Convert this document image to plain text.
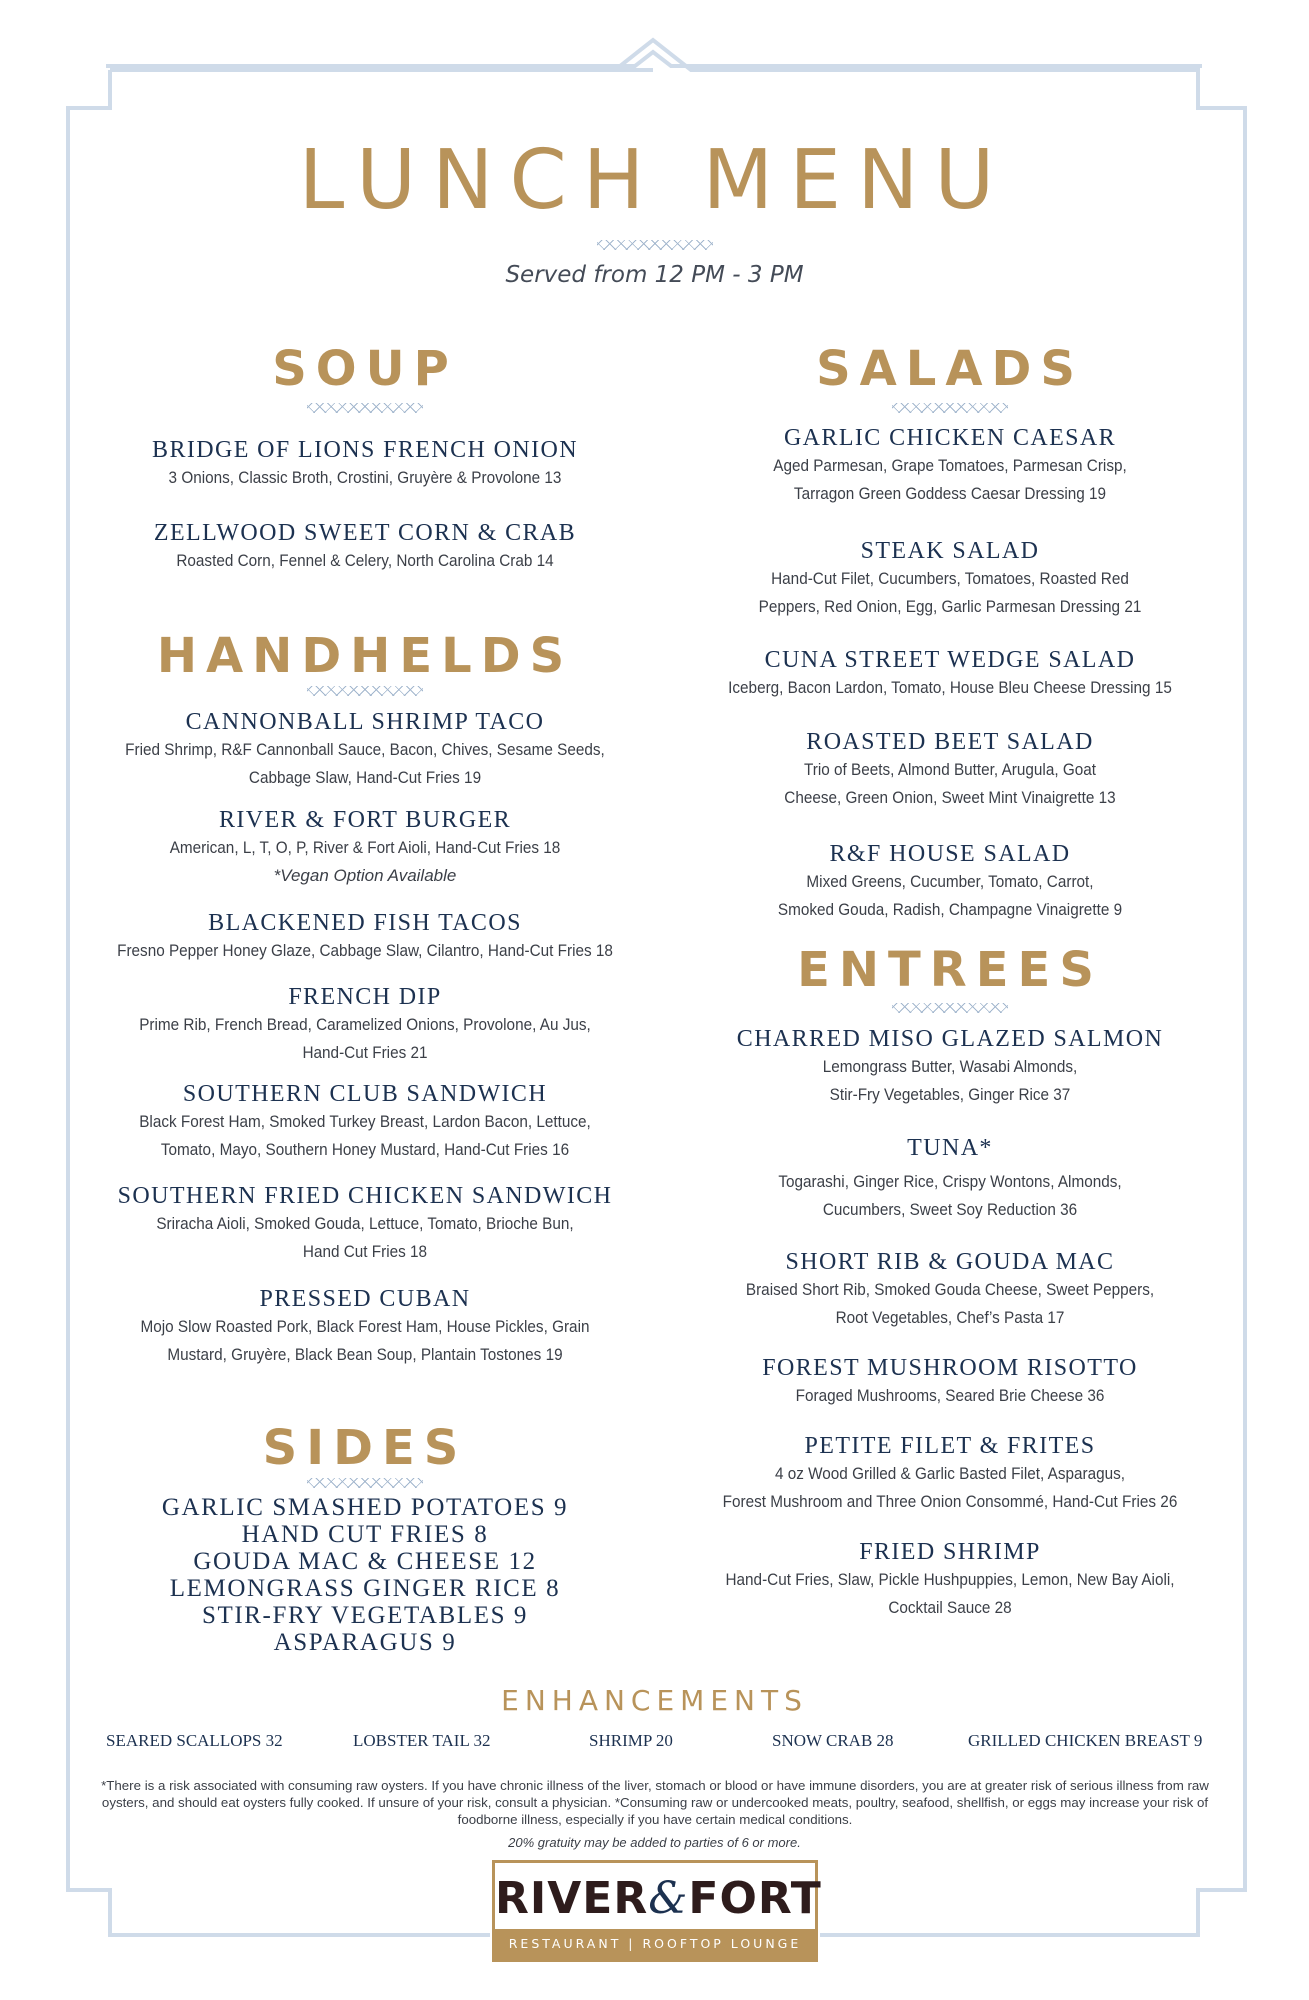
LUNCH MENU
Served from 12 PM - 3 PM
SOUP
BRIDGE OF LIONS FRENCH ONION
3 Onions, Classic Broth, Crostini, Gruyère & Provolone 13
ZELLWOOD SWEET CORN & CRAB
Roasted Corn, Fennel & Celery, North Carolina Crab 14
HANDHELDS
CANNONBALL SHRIMP TACO
Fried Shrimp, R&F Cannonball Sauce, Bacon, Chives, Sesame Seeds,
Cabbage Slaw, Hand-Cut Fries 19
RIVER & FORT BURGER
American, L, T, O, P, River & Fort Aioli, Hand-Cut Fries 18
*Vegan Option Available
BLACKENED FISH TACOS
Fresno Pepper Honey Glaze, Cabbage Slaw, Cilantro, Hand-Cut Fries 18
FRENCH DIP
Prime Rib, French Bread, Caramelized Onions, Provolone, Au Jus,
Hand-Cut Fries 21
SOUTHERN CLUB SANDWICH
Black Forest Ham, Smoked Turkey Breast, Lardon Bacon, Lettuce,
Tomato, Mayo, Southern Honey Mustard, Hand-Cut Fries 16
SOUTHERN FRIED CHICKEN SANDWICH
Sriracha Aioli, Smoked Gouda, Lettuce, Tomato, Brioche Bun,
Hand Cut Fries 18
PRESSED CUBAN
Mojo Slow Roasted Pork, Black Forest Ham, House Pickles, Grain
Mustard, Gruyère, Black Bean Soup, Plantain Tostones 19
SIDES
GARLIC SMASHED POTATOES 9
HAND CUT FRIES 8
GOUDA MAC & CHEESE 12
LEMONGRASS GINGER RICE 8
STIR-FRY VEGETABLES 9
ASPARAGUS 9
SALADS
GARLIC CHICKEN CAESAR
Aged Parmesan, Grape Tomatoes, Parmesan Crisp,
Tarragon Green Goddess Caesar Dressing 19
STEAK SALAD
Hand-Cut Filet, Cucumbers, Tomatoes, Roasted Red
Peppers, Red Onion, Egg, Garlic Parmesan Dressing 21
CUNA STREET WEDGE SALAD
Iceberg, Bacon Lardon, Tomato, House Bleu Cheese Dressing 15
ROASTED BEET SALAD
Trio of Beets, Almond Butter, Arugula, Goat
Cheese, Green Onion, Sweet Mint Vinaigrette 13
R&F HOUSE SALAD
Mixed Greens, Cucumber, Tomato, Carrot,
Smoked Gouda, Radish, Champagne Vinaigrette 9
ENTREES
CHARRED MISO GLAZED SALMON
Lemongrass Butter, Wasabi Almonds,
Stir-Fry Vegetables, Ginger Rice 37
TUNA*
Togarashi, Ginger Rice, Crispy Wontons, Almonds,
Cucumbers, Sweet Soy Reduction 36
SHORT RIB & GOUDA MAC
Braised Short Rib, Smoked Gouda Cheese, Sweet Peppers,
Root Vegetables, Chef’s Pasta 17
FOREST MUSHROOM RISOTTO
Foraged Mushrooms, Seared Brie Cheese 36
PETITE FILET & FRITES
4 oz Wood Grilled & Garlic Basted Filet, Asparagus,
Forest Mushroom and Three Onion Consommé, Hand-Cut Fries 26
FRIED SHRIMP
Hand-Cut Fries, Slaw, Pickle Hushpuppies, Lemon, New Bay Aioli,
Cocktail Sauce 28
ENHANCEMENTS
SEARED SCALLOPS 32	LOBSTER TAIL 32	SHRIMP 20	SNOW CRAB 28	GRILLED CHICKEN BREAST 9
*There is a risk associated with consuming raw oysters. If you have chronic illness of the liver, stomach or blood or have immune disorders, you are at greater risk of serious illness from raw oysters, and should eat oysters fully cooked. If unsure of your risk, consult a physician. *Consuming raw or undercooked meats, poultry, seafood, shellfish, or eggs may increase your risk of foodborne illness, especially if you have certain medical conditions.
20% gratuity may be added to parties of 6 or more.
RIVER&FORT
RESTAURANT | ROOFTOP LOUNGE
